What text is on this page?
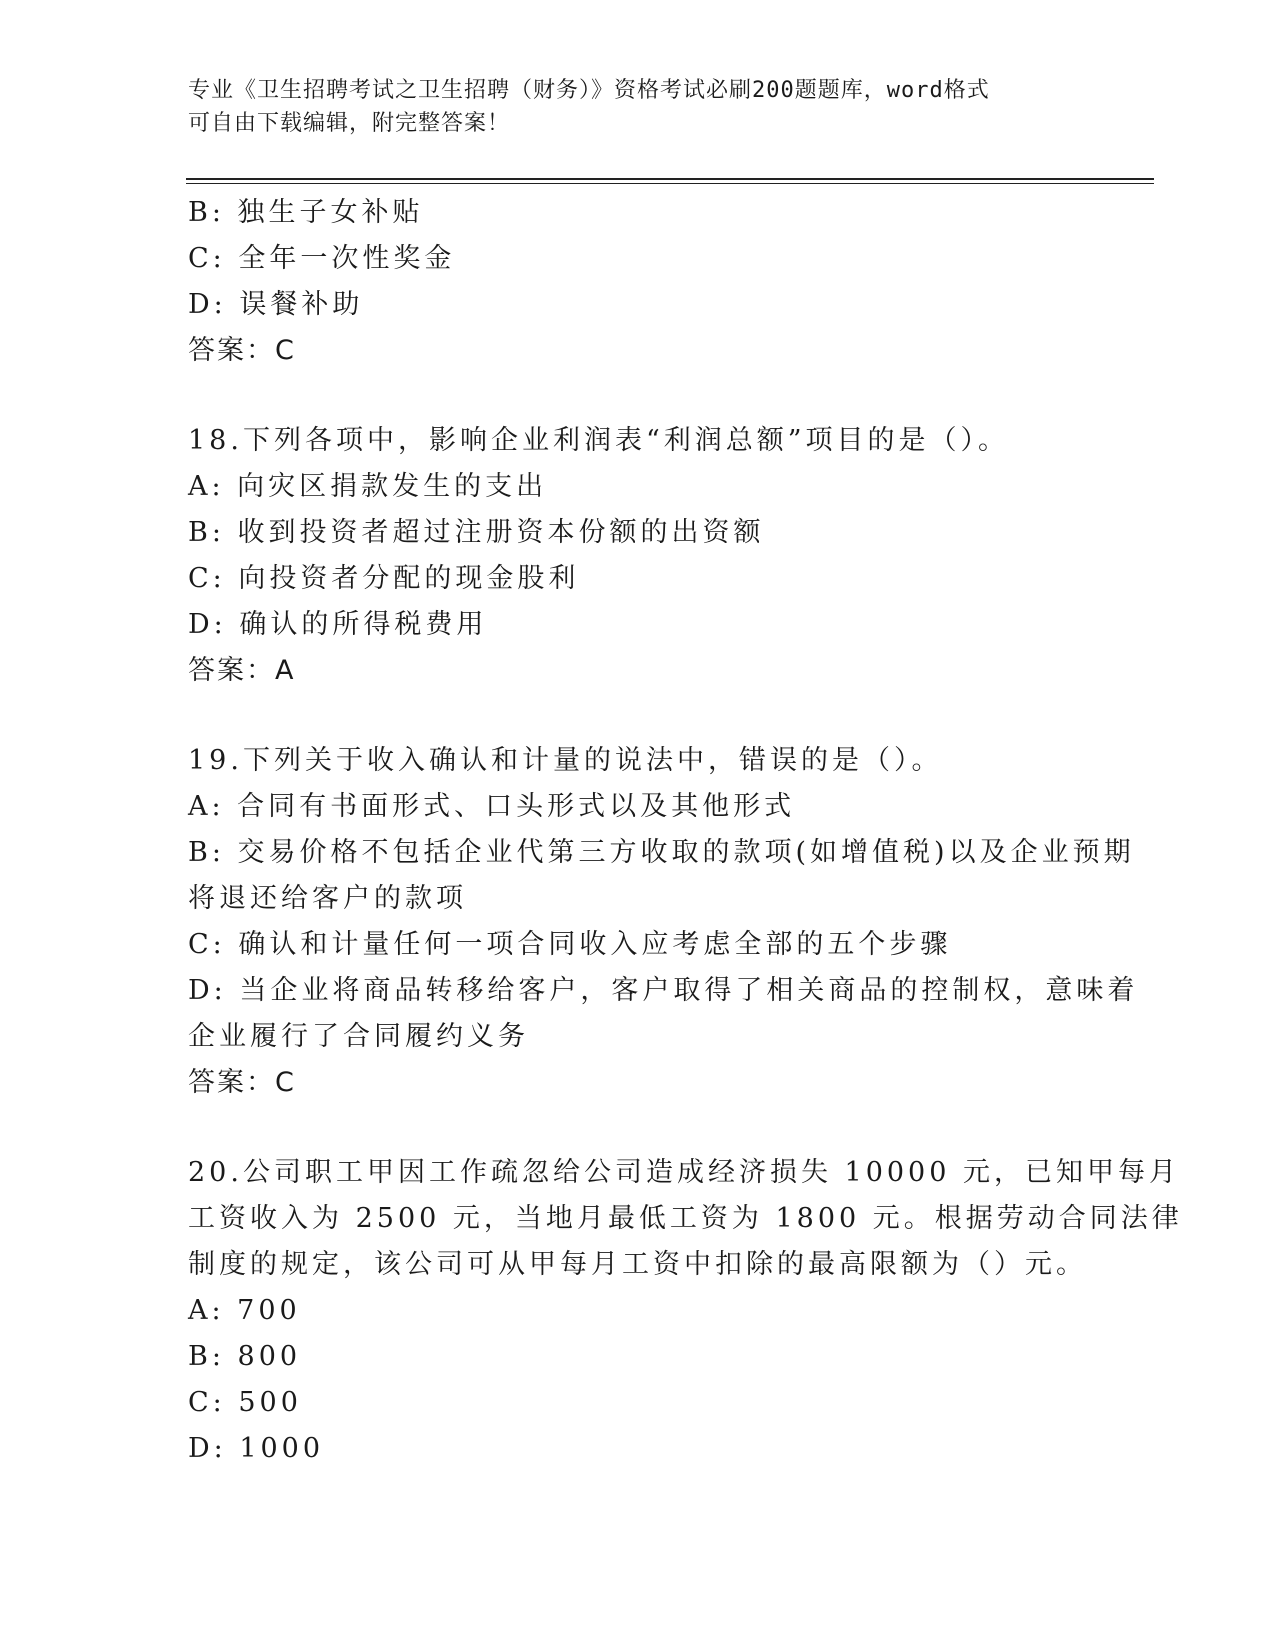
专业《卫生招聘考试之卫生招聘（财务）》资格考试必刷200题题库，word格式
可自由下载编辑，附完整答案！
B: 独生子女补贴
C: 全年一次性奖金
D: 误餐补助
答案：C
18.下列各项中，影响企业利润表“利润总额”项目的是（）。
A: 向灾区捐款发生的支出
B: 收到投资者超过注册资本份额的出资额
C: 向投资者分配的现金股利
D: 确认的所得税费用
答案：A
19.下列关于收入确认和计量的说法中，错误的是（）。
A: 合同有书面形式、口头形式以及其他形式
B: 交易价格不包括企业代第三方收取的款项(如增值税)以及企业预期
将退还给客户的款项
C: 确认和计量任何一项合同收入应考虑全部的五个步骤
D: 当企业将商品转移给客户，客户取得了相关商品的控制权，意味着
企业履行了合同履约义务
答案：C
20.公司职工甲因工作疏忽给公司造成经济损失 10000 元，已知甲每月
工资收入为 2500 元，当地月最低工资为 1800 元。根据劳动合同法律
制度的规定，该公司可从甲每月工资中扣除的最高限额为（）元。
A: 700
B: 800
C: 500
D: 1000
